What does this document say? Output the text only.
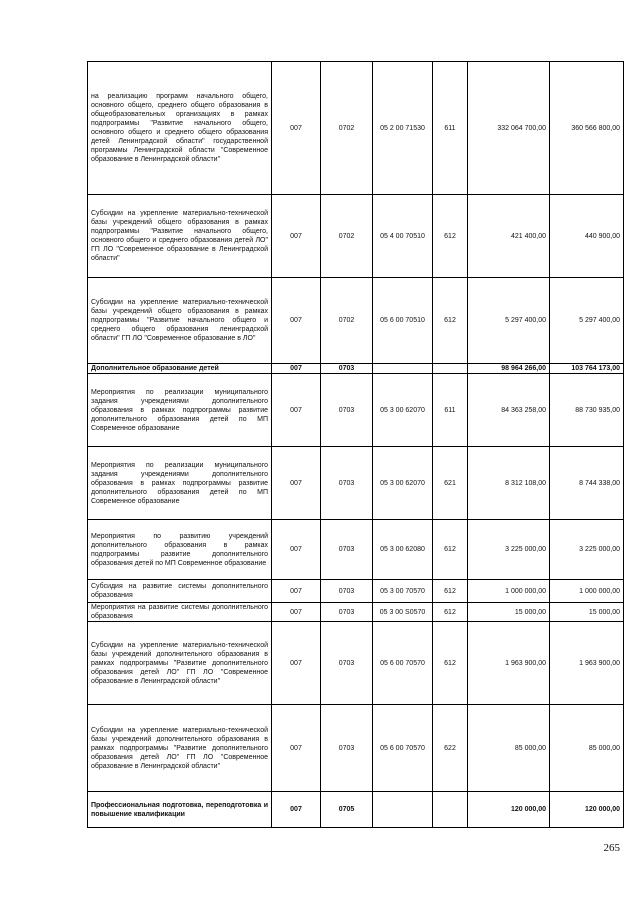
на реализацию программ начального общего, основного общего, среднего общего образования в общеобразовательных организациях в рамках подпрограммы "Развитие начального общего, основного общего и среднего общего образования детей Ленинградской области" государственной программы Ленинградской области "Современное образование в Ленинградской области"	007	0702	05 2 00 71530	611	332 064 700,00	360 566 800,00
Субсидии на укрепление материально-технической базы учреждений общего образования в рамках подпрограммы "Развитие начального общего, основного общего и среднего образования детей ЛО" ГП ЛО "Современное образование в Ленинградской области"	007	0702	05 4 00 70510	612	421 400,00	440 900,00
Субсидии на укрепление материально-технической базы учреждений общего образования в рамках подпрограммы "Развитие начального общего и среднего общего образования ленинградской области" ГП ЛО "Современное образование в ЛО"	007	0702	05 6 00 70510	612	5 297 400,00	5 297 400,00
Дополнительное образование детей	007	0703			98 964 266,00	103 764 173,00
Мероприятия по реализации муниципального задания учреждениями дополнительного образования в рамках подпрограммы развитие дополнительного образования детей по МП Современное образование	007	0703	05 3 00 62070	611	84 363 258,00	88 730 935,00
Мероприятия по реализации муниципального задания учреждениями дополнительного образования в рамках подпрограммы развитие дополнительного образования детей по МП Современное образование	007	0703	05 3 00 62070	621	8 312 108,00	8 744 338,00
Мероприятия по развитию учреждений дополнительного образования в рамках подпрограммы развитие дополнительного образования детей по МП Современное образование	007	0703	05 3 00 62080	612	3 225 000,00	3 225 000,00
Субсидия на развитие системы дополнительного образования	007	0703	05 3 00 70570	612	1 000 000,00	1 000 000,00
Мероприятия на развитие системы дополнительного образования	007	0703	05 3 00 S0570	612	15 000,00	15 000,00
Субсидии на укрепление материально-технической базы учреждений дополнительного образования в рамках подпрограммы "Развитие дополнительного образования детей ЛО" ГП ЛО "Современное образование в Ленинградской области"	007	0703	05 6 00 70570	612	1 963 900,00	1 963 900,00
Субсидии на укрепление материально-технической базы учреждений дополнительного образования в рамках подпрограммы "Развитие дополнительного образования детей ЛО" ГП ЛО "Современное образование в Ленинградской области"	007	0703	05 6 00 70570	622	85 000,00	85 000,00
Профессиональная подготовка, переподготовка и повышение квалификации	007	0705			120 000,00	120 000,00
265
